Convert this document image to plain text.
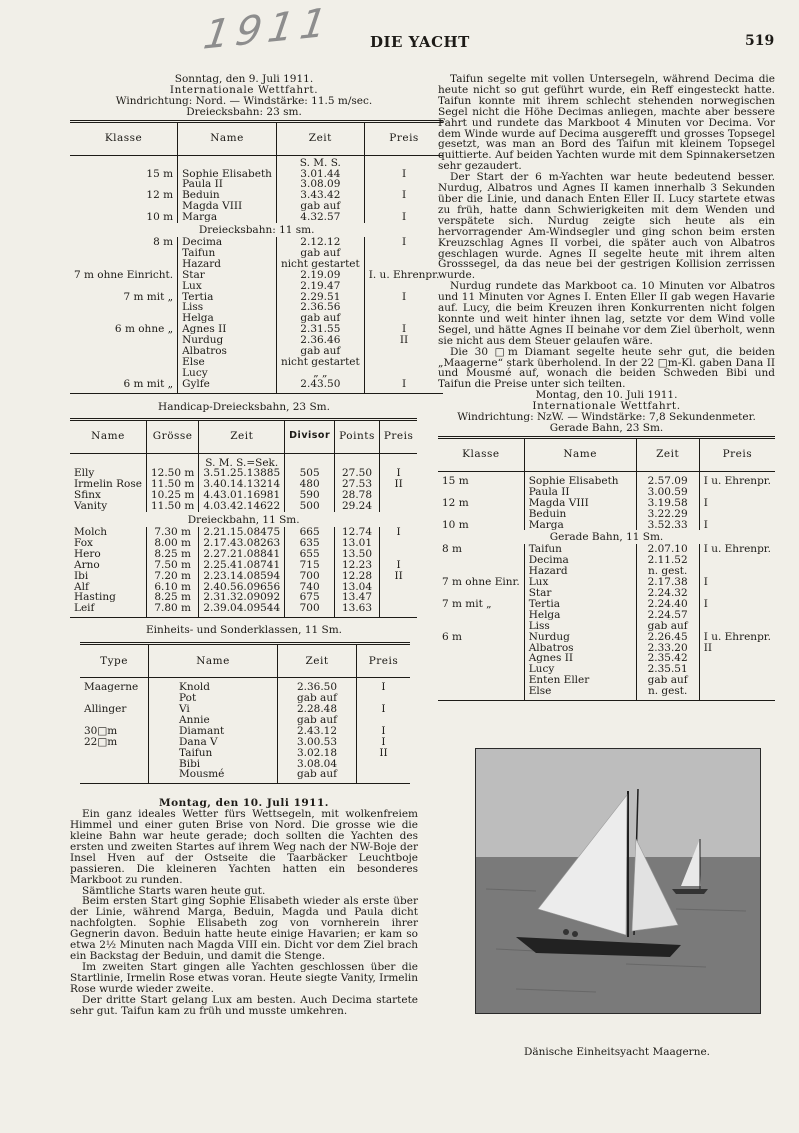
1911 DIE YACHT	519
Sonntag, den 9. Juli 1911.
Internationale Wettfahrt.
Windrichtung: Nord. — Windstärke: 11.5 m/sec.
Dreiecksbahn: 23 sm.
Klasse	Name	Zeit	Preis
		S. M. S.	
15 m	Sophie Elisabeth	3.01.44	I
	Paula II	3.08.09	
12 m	Beduin	3.43.42	I
	Magda VIII	gab auf	
10 m	Marga	4.32.57	I
Dreiecksbahn: 11 sm.			
8 m	Decima	2.12.12	I
	Taifun	gab auf	
	Hazard	nicht gestartet	
7 m ohne Einricht.	Star	2.19.09	I. u. Ehrenpr.
	Lux	2.19.47	
7 m mit „	Tertia	2.29.51	I
	Liss	2.36.56	
	Helga	gab auf	
6 m ohne „	Agnes II	2.31.55	I
	Nurdug	2.36.46	II
	Albatros	gab auf	
	Else	nicht gestartet	
	Lucy	„ „	
6 m mit „	Gylfe	2.43.50	I
Handicap-Dreiecksbahn, 23 Sm.
Name	Grösse	Zeit	Divisor	Points	Preis
		S. M. S.=Sek.			
Elly	12.50 m	3.51.25.13885	505	27.50	I
Irmelin Rose	11.50 m	3.40.14.13214	480	27.53	II
Sfinx	10.25 m	4.43.01.16981	590	28.78	
Vanity	11.50 m	4.03.42.14622	500	29.24	
Dreieckbahn, 11 Sm.					
Molch	7.30 m	2.21.15.08475	665	12.74	I
Fox	8.00 m	2.17.43.08263	635	13.01	
Hero	8.25 m	2.27.21.08841	655	13.50	
Arno	7.50 m	2.25.41.08741	715	12.23	I
Ibi	7.20 m	2.23.14.08594	700	12.28	II
Alf	6.10 m	2.40.56.09656	740	13.04	
Hasting	8.25 m	2.31.32.09092	675	13.47	
Leif	7.80 m	2.39.04.09544	700	13.63	
Einheits- und Sonderklassen, 11 Sm.
Type	Name	Zeit	Preis
Maagerne	Knold	2.36.50	I
	Pot	gab auf	
Allinger	Vi	2.28.48	I
	Annie	gab auf	
30□m	Diamant	2.43.12	I
22□m	Dana V	3.00.53	I
	Taifun	3.02.18	II
	Bibi	3.08.04	
	Mousmé	gab auf	
Montag, den 10. Juli 1911.

Ein ganz ideales Wetter fürs Wettsegeln, mit wolkenfreiem Himmel und einer guten Brise von Nord. Die grosse wie die kleine Bahn war heute gerade; doch sollten die Yachten des ersten und zweiten Startes auf ihrem Weg nach der NW-Boje der Insel Hven auf der Ostseite die Taarbäcker Leuchtboje passieren. Die kleineren Yachten hatten ein besonderes Markboot zu runden.

Sämtliche Starts waren heute gut.

Beim ersten Start ging Sophie Elisabeth wieder als erste über der Linie, während Marga, Beduin, Magda und Paula dicht nachfolgten. Sophie Elisabeth zog von vornherein ihrer Gegnerin davon. Beduin hatte heute einige Havarien; er kam so etwa 2½ Minuten nach Magda VIII ein. Dicht vor dem Ziel brach ein Backstag der Beduin, und damit die Stenge.

Im zweiten Start gingen alle Yachten geschlossen über die Startlinie, Irmelin Rose etwas voran. Heute siegte Vanity, Irmelin Rose wurde wieder zweite.

Der dritte Start gelang Lux am besten. Auch Decima startete sehr gut. Taifun kam zu früh und musste umkehren.

Taifun segelte mit vollen Untersegeln, während Decima die heute nicht so gut geführt wurde, ein Reff eingesteckt hatte. Taifun konnte mit ihrem schlecht stehenden norwegischen Segel nicht die Höhe Decimas anliegen, machte aber bessere Fahrt und rundete das Markboot 4 Minuten vor Decima. Vor dem Winde wurde auf Decima ausgerefft und grosses Topsegel gesetzt, was man an Bord des Taifun mit kleinem Topsegel quittierte. Auf beiden Yachten wurde mit dem Spinnakersetzen sehr gezaudert.

Der Start der 6 m-Yachten war heute bedeutend besser. Nurdug, Albatros und Agnes II kamen innerhalb 3 Sekunden über die Linie, und danach Enten Eller II. Lucy startete etwas zu früh, hatte dann Schwierigkeiten mit dem Wenden und verspätete sich. Nurdug zeigte sich heute als ein hervorragender Am-Windsegler und ging schon beim ersten Kreuzschlag Agnes II vorbei, die später auch von Albatros geschlagen wurde. Agnes II segelte heute mit ihrem alten Grosssegel, da das neue bei der gestrigen Kollision zerrissen wurde.

Nurdug rundete das Markboot ca. 10 Minuten vor Albatros und 11 Minuten vor Agnes I. Enten Eller II gab wegen Havarie auf. Lucy, die beim Kreuzen ihren Konkurrenten nicht folgen konnte und weit hinter ihnen lag, setzte vor dem Wind volle Segel, und hätte Agnes II beinahe vor dem Ziel überholt, wenn sie nicht aus dem Steuer gelaufen wäre.

Die 30 □m Diamant segelte heute sehr gut, die beiden „Maagerne“ stark überholend. In der 22 □m-Kl. gaben Dana II und Mousmé auf, wonach die beiden Schweden Bibi und Taifun die Preise unter sich teilten.

Montag, den 10. Juli 1911.
Internationale Wettfahrt.
Windrichtung: NzW. — Windstärke: 7,8 Sekundenmeter.
Gerade Bahn, 23 Sm.
Klasse	Name	Zeit	Preis
15 m	Sophie Elisabeth	2.57.09	I u. Ehrenpr.
	Paula II	3.00.59	
12 m	Magda VIII	3.19.58	I
	Beduin	3.22.29	
10 m	Marga	3.52.33	I
Gerade Bahn, 11 Sm.			
8 m	Taifun	2.07.10	I u. Ehrenpr.
	Decima	2.11.52	
	Hazard	n. gest.	
7 m ohne Einr.	Lux	2.17.38	I
	Star	2.24.32	
7 m mit „	Tertia	2.24.40	I
	Helga	2.24.57	
	Liss	gab auf	
6 m	Nurdug	2.26.45	I u. Ehrenpr.
	Albatros	2.33.20	II
	Agnes II	2.35.42	
	Lucy	2.35.51	
	Enten Eller	gab auf	
	Else	n. gest.	
Dänische Einheitsyacht Maagerne.
